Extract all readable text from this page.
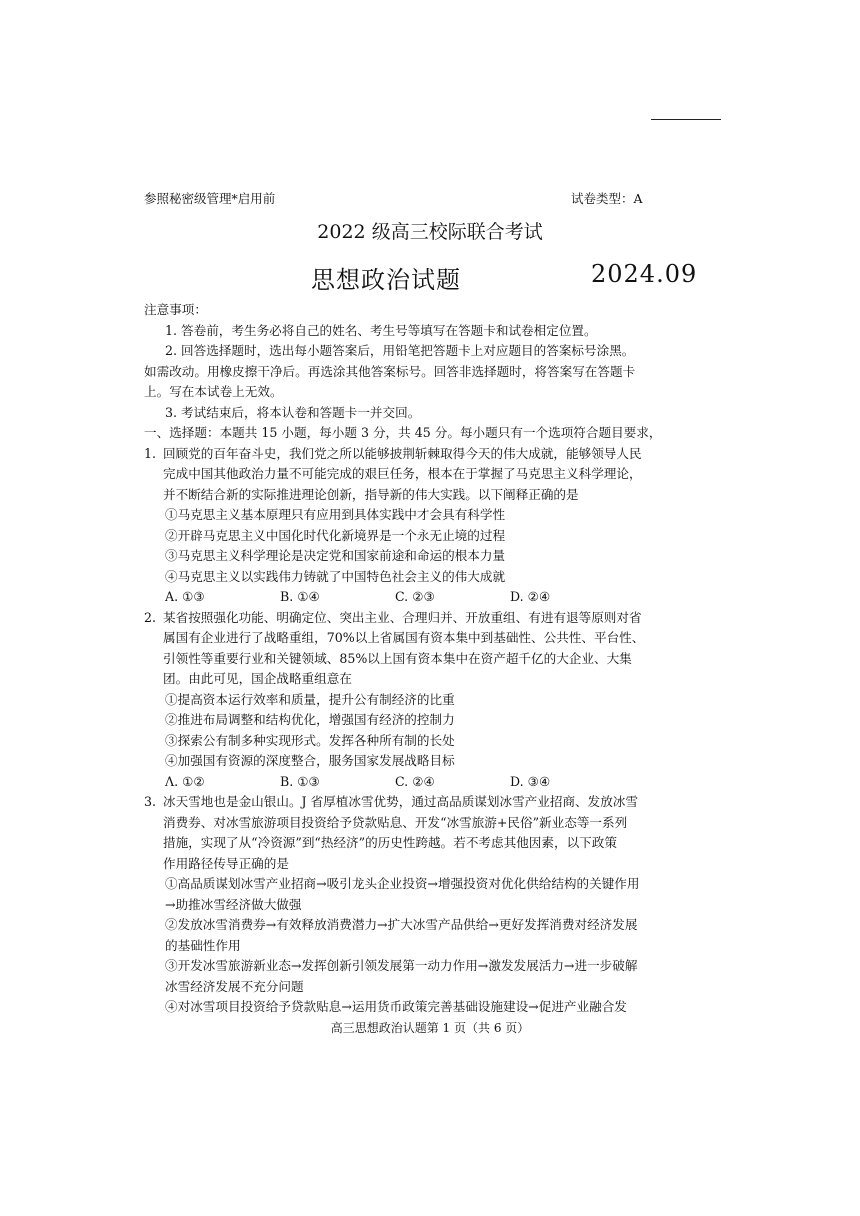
参照秘密级管理*启用前	试卷类型：A
2022 级高三校际联合考试
思想政治试题	2024.09
注意事项：
1. 答卷前，考生务必将自己的姓名、考生号等填写在答题卡和试卷相定位置。
2. 回答选择题时，选出每小题答案后，用铅笔把答题卡上对应题目的答案标号涂黑。
如需改动。用橡皮擦干净后。再选涂其他答案标号。回答非选择题时，将答案写在答题卡
上。写在本试卷上无效。
3. 考试结束后，将本认卷和答题卡一并交回。
一、选择题：本题共 15 小题，每小题 3 分，共 45 分。每小题只有一个选项符合题目要求，
1. 回顾党的百年奋斗史，我们党之所以能够披荆斩棘取得今天的伟大成就，能够领导人民
完成中国其他政治力量不可能完成的艰巨任务，根本在于掌握了马克思主义科学理论，
并不断结合新的实际推进理论创新，指导新的伟大实践。以下阐释正确的是
①马克思主义基本原理只有应用到具体实践中才会具有科学性
②开辟马克思主义中国化时代化新境界是一个永无止境的过程
③马克思主义科学理论是决定党和国家前途和命运的根本力量
④马克思主义以实践伟力铸就了中国特色社会主义的伟大成就
A. ①③	B. ①④	C. ②③	D. ②④
2. 某省按照强化功能、明确定位、突出主业、合理归并、开放重组、有进有退等原则对省
属国有企业进行了战略重组，70%以上省属国有资本集中到基础性、公共性、平台性、
引领性等重要行业和关键领域、85%以上国有资本集中在资产超千亿的大企业、大集
团。由此可见，国企战略重组意在
①提高资本运行效率和质量，提升公有制经济的比重
②推进布局调整和结构优化，增强国有经济的控制力
③探索公有制多种实现形式。发挥各种所有制的长处
④加强国有资源的深度整合，服务国家发展战略目标
Λ. ①②	B. ①③	C. ②④	D. ③④
3. 冰天雪地也是金山银山。J 省厚植冰雪优势，通过高品质谋划冰雪产业招商、发放冰雪
消费券、对冰雪旅游项目投资给予贷款贴息、开发“冰雪旅游+民俗”新业态等一系列
措施，实现了从“冷资源”到“热经济”的历史性跨越。若不考虑其他因素，以下政策
作用路径传导正确的是
①高品质谋划冰雪产业招商→吸引龙头企业投资→增强投资对优化供给结构的关键作用
→助推冰雪经济做大做强
②发放冰雪消费券→有效释放消费潜力→扩大冰雪产品供给→更好发挥消费对经济发展
的基础性作用
③开发冰雪旅游新业态→发挥创新引领发展第一动力作用→激发发展活力→进一步破解
冰雪经济发展不充分问题
④对冰雪项目投资给予贷款贴息→运用货币政策完善基础设施建设→促进产业融合发
高三思想政治认题第 1 页（共 6 页）
